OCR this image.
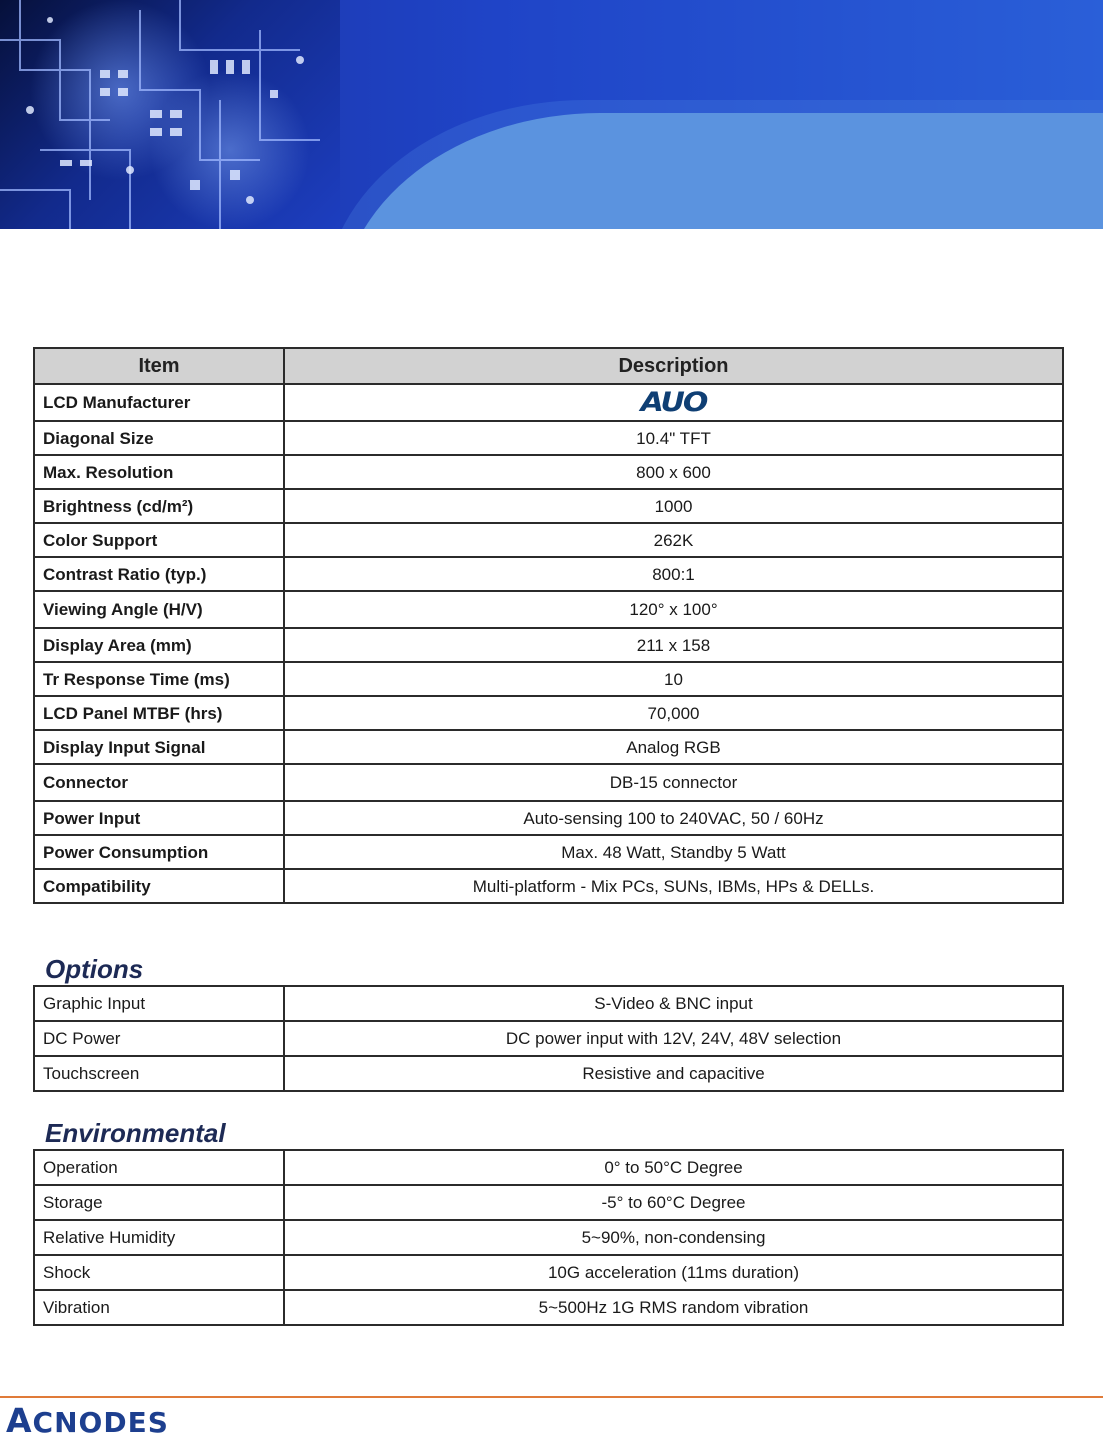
Item	Description
LCD Manufacturer	AUO
Diagonal Size	10.4" TFT
Max. Resolution	800 x 600
Brightness (cd/m²)	1000
Color Support	262K
Contrast Ratio (typ.)	800:1
Viewing Angle (H/V)	120° x 100°
Display Area (mm)	211 x 158
Tr Response Time (ms)	10
LCD Panel MTBF (hrs)	70,000
Display Input Signal	Analog RGB
Connector	DB-15 connector
Power Input	Auto-sensing 100 to 240VAC, 50 / 60Hz
Power Consumption	Max. 48 Watt, Standby 5 Watt
Compatibility	Multi-platform - Mix PCs, SUNs, IBMs, HPs & DELLs.
Options
Graphic Input	S-Video & BNC input
DC Power	DC power input with 12V, 24V, 48V selection
Touchscreen	Resistive and capacitive
Environmental
Operation	0° to 50°C Degree
Storage	-5° to 60°C Degree
Relative Humidity	5~90%, non-condensing
Shock	10G acceleration (11ms duration)
Vibration	5~500Hz 1G RMS random vibration
ACNODES
